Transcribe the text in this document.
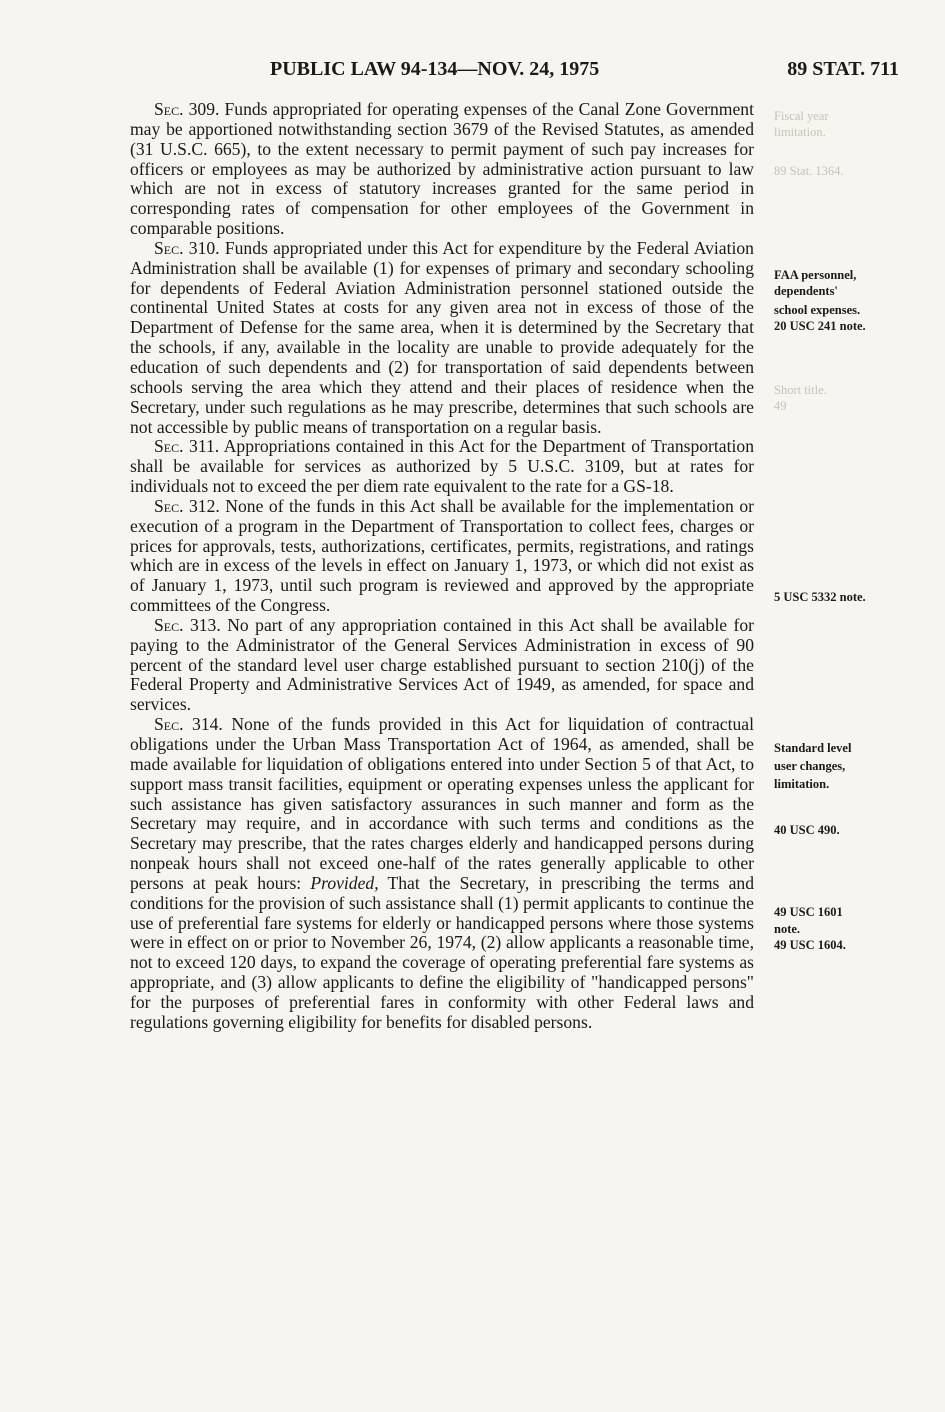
PUBLIC LAW 94-134—NOV. 24, 1975	89 STAT. 711

Sec. 309. Funds appropriated for operating expenses of the Canal Zone Government may be apportioned notwithstanding section 3679 of the Revised Statutes, as amended (31 U.S.C. 665), to the extent necessary to permit payment of such pay increases for officers or employees as may be authorized by administrative action pursuant to law which are not in excess of statutory increases granted for the same period in corresponding rates of compensation for other employees of the Government in comparable positions.

Sec. 310. Funds appropriated under this Act for expenditure by the Federal Aviation Administration shall be available (1) for expenses of primary and secondary schooling for dependents of Federal Aviation Administration personnel stationed outside the continental United States at costs for any given area not in excess of those of the Department of Defense for the same area, when it is determined by the Secretary that the schools, if any, available in the locality are unable to provide adequately for the education of such dependents and (2) for transportation of said dependents between schools serving the area which they attend and their places of residence when the Secretary, under such regulations as he may prescribe, determines that such schools are not accessible by public means of transportation on a regular basis.

Sec. 311. Appropriations contained in this Act for the Department of Transportation shall be available for services as authorized by 5 U.S.C. 3109, but at rates for individuals not to exceed the per diem rate equivalent to the rate for a GS-18.

Sec. 312. None of the funds in this Act shall be available for the implementation or execution of a program in the Department of Transportation to collect fees, charges or prices for approvals, tests, authorizations, certificates, permits, registrations, and ratings which are in excess of the levels in effect on January 1, 1973, or which did not exist as of January 1, 1973, until such program is reviewed and approved by the appropriate committees of the Congress.

Sec. 313. No part of any appropriation contained in this Act shall be available for paying to the Administrator of the General Services Administration in excess of 90 percent of the standard level user charge established pursuant to section 210(j) of the Federal Property and Administrative Services Act of 1949, as amended, for space and services.

Sec. 314. None of the funds provided in this Act for liquidation of contractual obligations under the Urban Mass Transportation Act of 1964, as amended, shall be made available for liquidation of obligations entered into under Section 5 of that Act, to support mass transit facilities, equipment or operating expenses unless the applicant for such assistance has given satisfactory assurances in such manner and form as the Secretary may require, and in accordance with such terms and conditions as the Secretary may prescribe, that the rates charges elderly and handicapped persons during nonpeak hours shall not exceed one-half of the rates generally applicable to other persons at peak hours: Provided, That the Secretary, in prescribing the terms and conditions for the provision of such assistance shall (1) permit applicants to continue the use of preferential fare systems for elderly or handicapped persons where those systems were in effect on or prior to November 26, 1974, (2) allow applicants a reasonable time, not to exceed 120 days, to expand the coverage of operating preferential fare systems as appropriate, and (3) allow applicants to define the eligibility of "handicapped persons" for the purposes of preferential fares in conformity with other Federal laws and regulations governing eligibility for benefits for disabled persons.

Fiscal year
limitation.
89 Stat. 1364.
Short title.
49
FAA personnel,
dependents'
school expenses.
20 USC 241 note.
5 USC 5332 note.
Standard level
user changes,
limitation.
40 USC 490.
49 USC 1601
note.
49 USC 1604.
